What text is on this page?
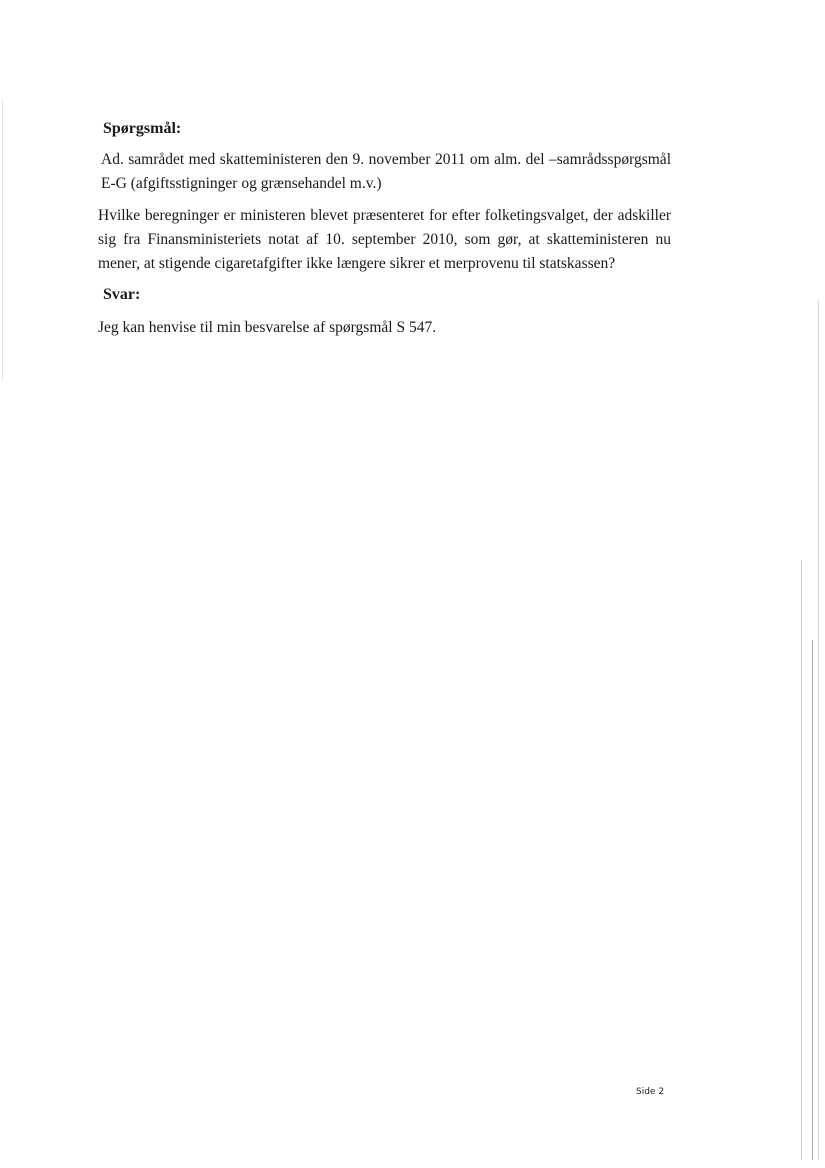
Spørgsmål:

Ad. samrådet med skatteministeren den 9. november 2011 om alm. del –samrådsspørgsmål E-G (afgiftsstigninger og grænsehandel m.v.)

Hvilke beregninger er ministeren blevet præsenteret for efter folketingsvalget, der adskiller sig fra Finansministeriets notat af 10. september 2010, som gør, at skatteministeren nu mener, at stigende cigaretafgifter ikke længere sikrer et merprovenu til statskassen?

Svar:
Jeg kan henvise til min besvarelse af spørgsmål S 547.
Side 2
